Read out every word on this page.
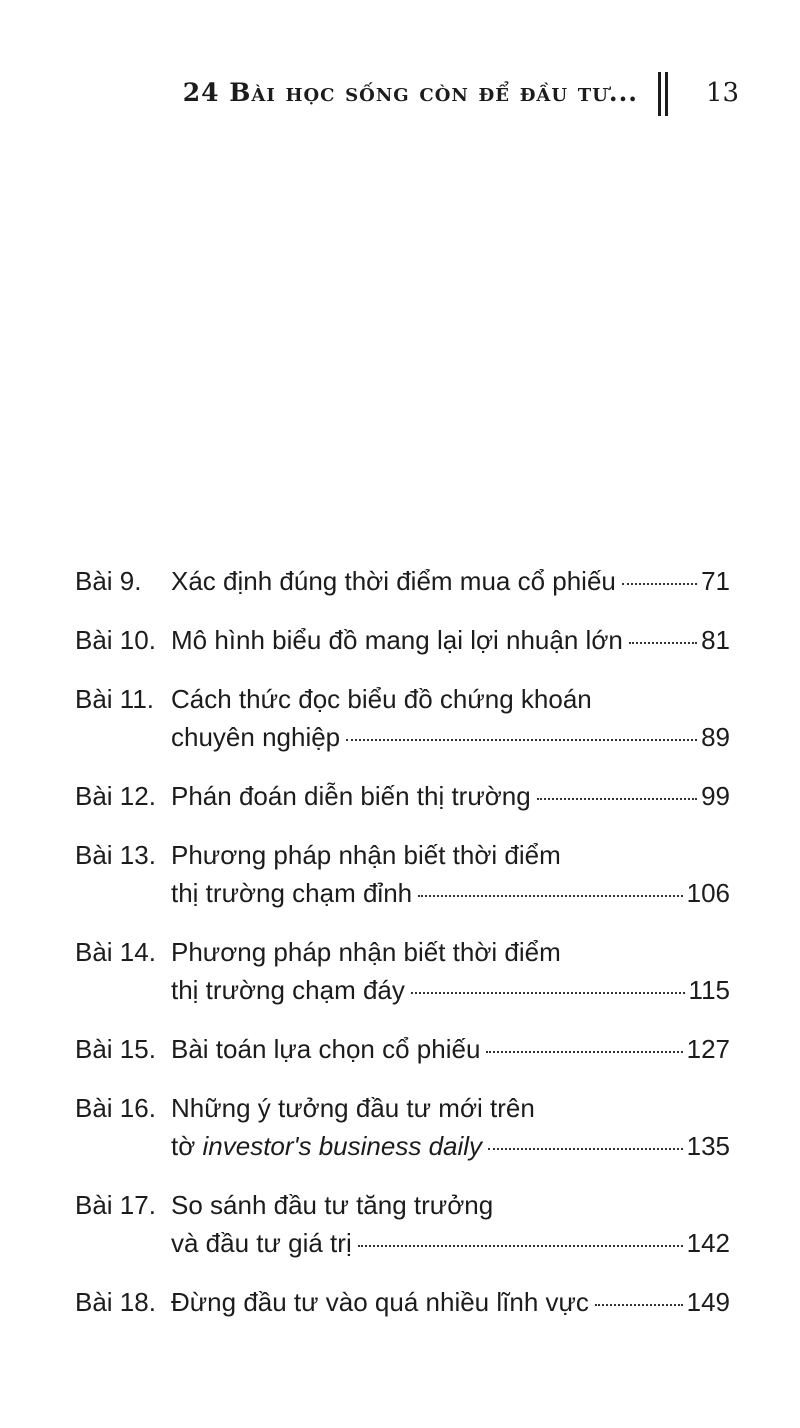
24 Bài học sống còn để đầu tư...	13
Bài 9.	Xác định đúng thời điểm mua cổ phiếu	71
Bài 10. Mô hình biểu đồ mang lại lợi nhuận lớn	81
Bài 11. Cách thức đọc biểu đồ chứng khoán
chuyên nghiệp	89
Bài 12. Phán đoán diễn biến thị trường	99
Bài 13. Phương pháp nhận biết thời điểm
thị trường chạm đỉnh	106
Bài 14. Phương pháp nhận biết thời điểm
thị trường chạm đáy	115
Bài 15. Bài toán lựa chọn cổ phiếu	127
Bài 16. Những ý tưởng đầu tư mới trên
tờ investor's business daily	135
Bài 17. So sánh đầu tư tăng trưởng
và đầu tư giá trị	142
Bài 18. Đừng đầu tư vào quá nhiều lĩnh vực	149
